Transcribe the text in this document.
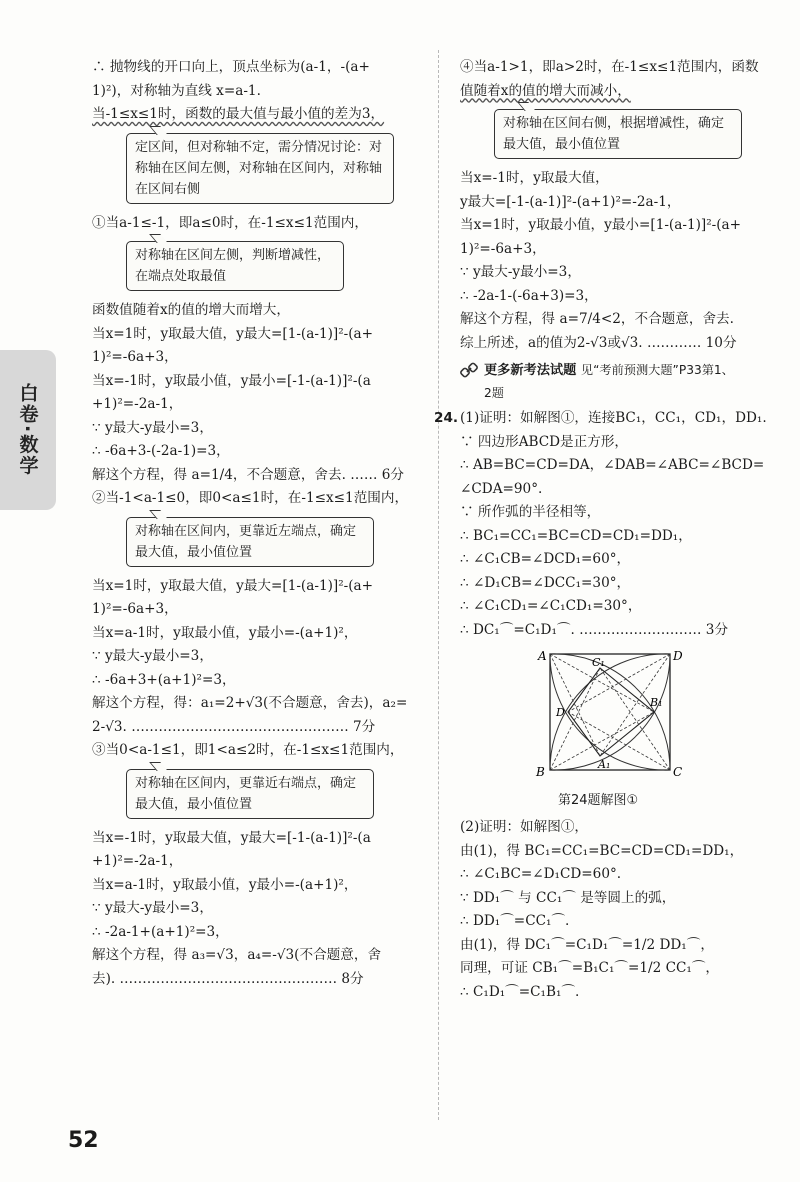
白卷·数学
∴ 抛物线的开口向上，顶点坐标为(a-1，-(a+
1)²)，对称轴为直线 x=a-1.
当-1≤x≤1时，函数的最大值与最小值的差为3，
定区间，但对称轴不定，需分情况讨论：对称轴在区间左侧，对称轴在区间内，对称轴在区间右侧
①当a-1≤-1，即a≤0时，在-1≤x≤1范围内，
对称轴在区间左侧，判断增减性，在端点处取最值
函数值随着x的值的增大而增大，
当x=1时，y取最大值，y最大=[1-(a-1)]²-(a+
1)²=-6a+3，
当x=-1时，y取最小值，y最小=[-1-(a-1)]²-(a
+1)²=-2a-1，
∵ y最大-y最小=3，
∴ -6a+3-(-2a-1)=3，
解这个方程，得 a=1/4，不合题意，舍去. …… 6分
②当-1<a-1≤0，即0<a≤1时，在-1≤x≤1范围内，
对称轴在区间内，更靠近左端点，确定最大值，最小值位置
当x=1时，y取最大值，y最大=[1-(a-1)]²-(a+
1)²=-6a+3，
当x=a-1时，y取最小值，y最小=-(a+1)²，
∵ y最大-y最小=3，
∴ -6a+3+(a+1)²=3，
解这个方程，得：a₁=2+√3(不合题意，舍去)，a₂=
2-√3. ………………………………………… 7分
③当0<a-1≤1，即1<a≤2时，在-1≤x≤1范围内，
对称轴在区间内，更靠近右端点，确定最大值，最小值位置
当x=-1时，y取最大值，y最大=[-1-(a-1)]²-(a
+1)²=-2a-1，
当x=a-1时，y取最小值，y最小=-(a+1)²，
∵ y最大-y最小=3，
∴ -2a-1+(a+1)²=3，
解这个方程，得 a₃=√3，a₄=-√3(不合题意，舍
去). ………………………………………… 8分
④当a-1>1，即a>2时，在-1≤x≤1范围内，函数
值随着x的值的增大而减小，
对称轴在区间右侧，根据增减性，确定最大值，最小值位置
当x=-1时，y取最大值，
y最大=[-1-(a-1)]²-(a+1)²=-2a-1，
当x=1时，y取最小值，y最小=[1-(a-1)]²-(a+
1)²=-6a+3，
∵ y最大-y最小=3，
∴ -2a-1-(-6a+3)=3，
解这个方程，得 a=7/4<2，不合题意，舍去.
综上所述，a的值为2-√3或√3. ………… 10分
更多新考法试题 见“考前预测大题”P33第1、
2题
24. (1)证明：如解图①，连接BC₁，CC₁，CD₁，DD₁.
∵ 四边形ABCD是正方形，
∴ AB=BC=CD=DA，∠DAB=∠ABC=∠BCD=
∠CDA=90°.
∵ 所作弧的半径相等，
∴ BC₁=CC₁=BC=CD=CD₁=DD₁，
∴ ∠C₁CB=∠DCD₁=60°，
∴ ∠D₁CB=∠DCC₁=30°，
∴ ∠C₁CD₁=∠C₁CD₁=30°，
∴ DC₁⌒=C₁D₁⌒. ……………………… 3分
A	D
B	C
C₁
B₁
D
A₁
第24题解图①
(2)证明：如解图①，
由(1)，得 BC₁=CC₁=BC=CD=CD₁=DD₁，
∴ ∠C₁BC=∠D₁CD=60°.
∵ DD₁⌒ 与 CC₁⌒ 是等圆上的弧，
∴ DD₁⌒=CC₁⌒.
由(1)，得 DC₁⌒=C₁D₁⌒=1/2 DD₁⌒，
同理，可证 CB₁⌒=B₁C₁⌒=1/2 CC₁⌒，
∴ C₁D₁⌒=C₁B₁⌒.
52
